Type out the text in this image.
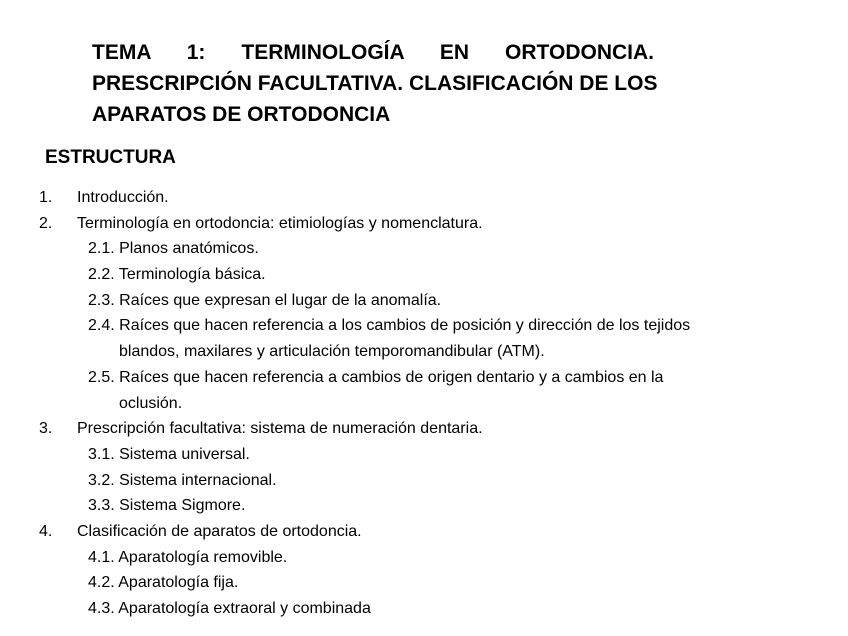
TEMA 1: TERMINOLOGÍA EN ORTODONCIA.
PRESCRIPCIÓN FACULTATIVA. CLASIFICACIÓN DE LOS
APARATOS DE ORTODONCIA
ESTRUCTURA
1. Introducción.
2. Terminología en ortodoncia: etimiologías y nomenclatura.
2.1. Planos anatómicos.
2.2. Terminología básica.
2.3. Raíces que expresan el lugar de la anomalía.
2.4. Raíces que hacen referencia a los cambios de posición y dirección de los tejidos
blandos, maxilares y articulación temporomandibular (ATM).
2.5. Raíces que hacen referencia a cambios de origen dentario y a cambios en la
oclusión.
3. Prescripción facultativa: sistema de numeración dentaria.
3.1. Sistema universal.
3.2. Sistema internacional.
3.3. Sistema Sigmore.
4. Clasificación de aparatos de ortodoncia.
4.1. Aparatología removible.
4.2. Aparatología fija.
4.3. Aparatología extraoral y combinada
